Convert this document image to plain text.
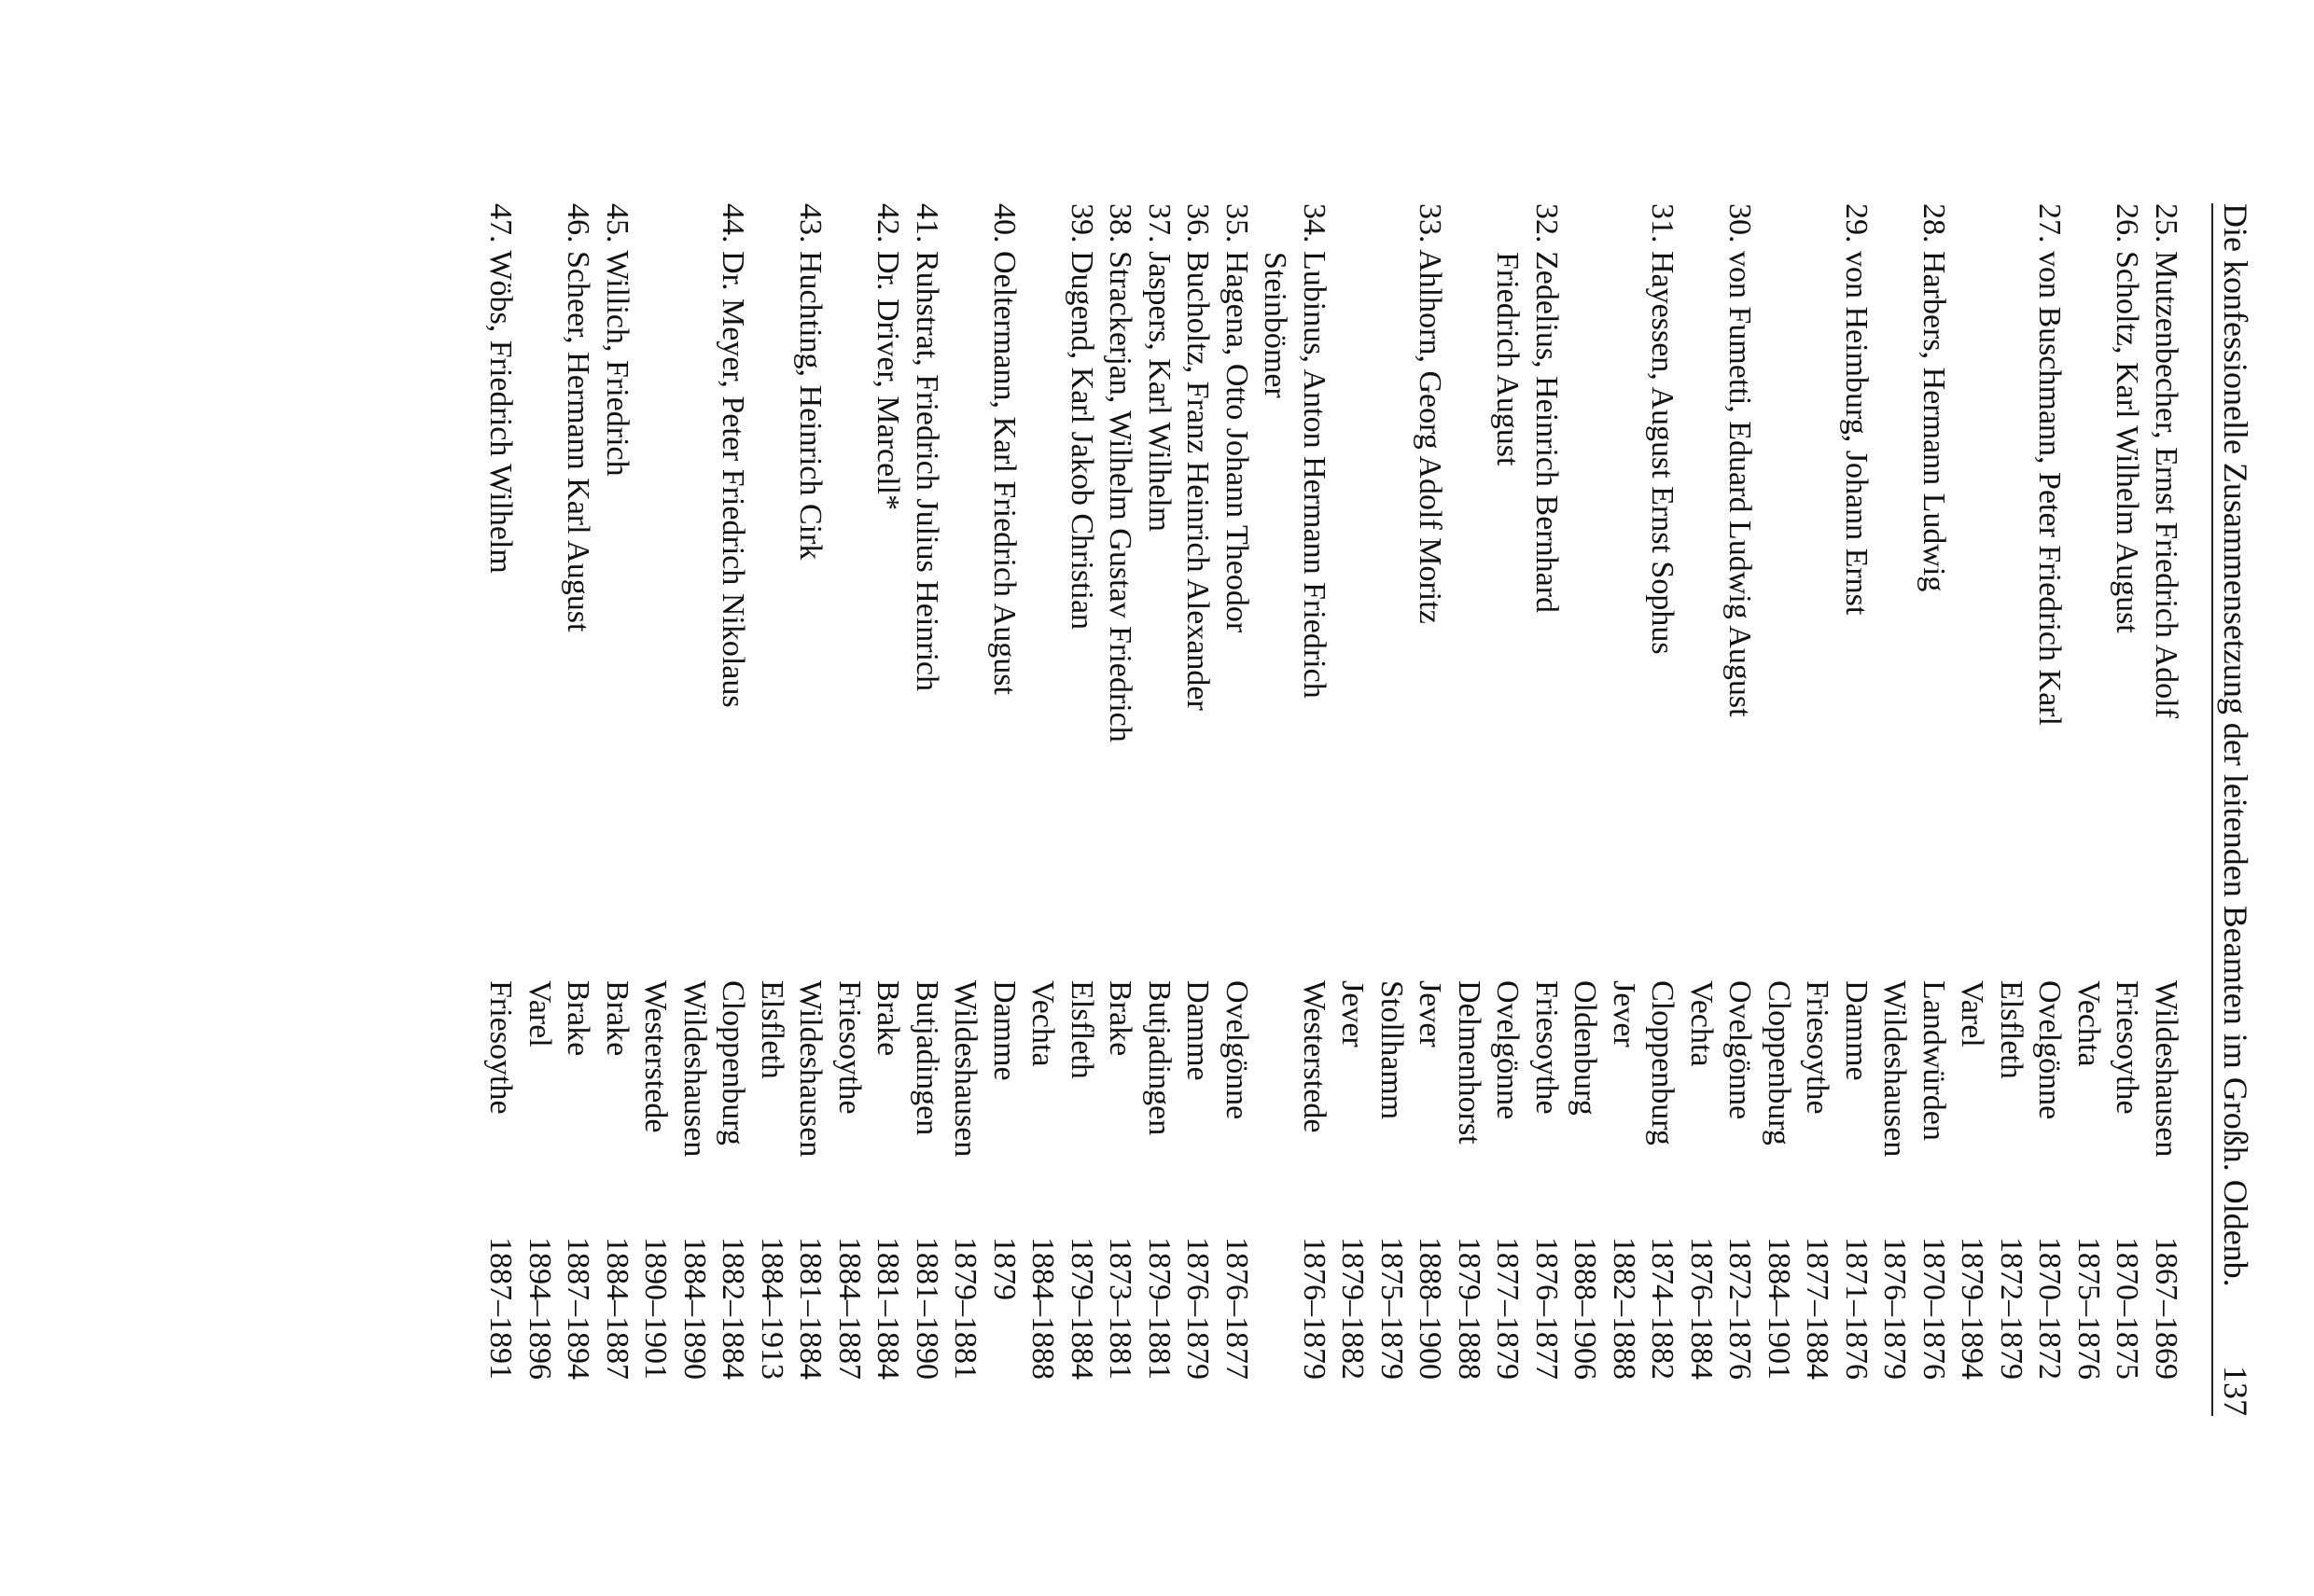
Die konfessionelle Zusammensetzung der leitenden Beamten im Großh. Oldenb.
137
25. Mutzenbecher, Ernst Friedrich Adolf
Wildeshausen
1867–1869
26. Scholtz, Karl Wilhelm August
Friesoythe
Vechta
1870–1875
1875–1876
27. von Buschmann, Peter Friedrich Karl
Ovelgönne
Elsfleth
Varel
1870–1872
1872–1879
1879–1894
28. Harbers, Hermann Ludwig
Landwürden
Wildeshausen
1870–1876
1876–1879
29. von Heimburg, Johann Ernst
Damme
Friesoythe
Cloppenburg
1871–1876
1877–1884
1884–1901
30. von Fumetti, Eduard Ludwig August
Ovelgönne
Vechta
1872–1876
1876–1884
31. Hayessen, August Ernst Sophus
Cloppenburg
Jever
Oldenburg
1874–1882
1882–1888
1888–1906
32. Zedelius, Heinrich Bernhard
Friedrich August
Friesoythe
Ovelgönne
Delmenhorst
1876–1877
1877–1879
1879–1888
33. Ahlhorn, Georg Adolf Moritz
Jever
Stollhamm
Jever
1888–1900
1875–1879
1879–1882
34. Lubinus, Anton Hermann Friedrich
Steinbömer
Westerstede
1876–1879
35. Hagena, Otto Johann Theodor
Ovelgönne
1876–1877
36. Bucholtz, Franz Heinrich Alexander
Damme
1876–1879
37. Jaspers, Karl Wilhelm
Butjadingen
1879–1881
38. Strackerjan, Wilhelm Gustav Friedrich
Brake
1873–1881
39. Dugend, Karl Jakob Christian
Elsfleth
Vechta
1879–1884
1884–1888
40. Oeltermann, Karl Friedrich August
Damme
Wildeshausen
1879
1879–1881
41. Ruhstrat, Friedrich Julius Heinrich
Butjadingen
1881–1890
42. Dr. Driver, Marcell*
Brake
Friesoythe
1881–1884
1884–1887
43. Huchting, Heinrich Cirk
Wildeshausen
Elsfleth
1881–1884
1884–1913
44. Dr. Meyer, Peter Friedrich Nikolaus
Cloppenburg
Wildeshausen
Westerstede
1882–1884
1884–1890
1890–1901
45. Willich, Friedrich
Brake
1884–1887
46. Scheer, Hermann Karl August
Brake
Varel
1887–1894
1894–1896
47. Wöbs, Friedrich Wilhelm
Friesoythe
1887–1891
